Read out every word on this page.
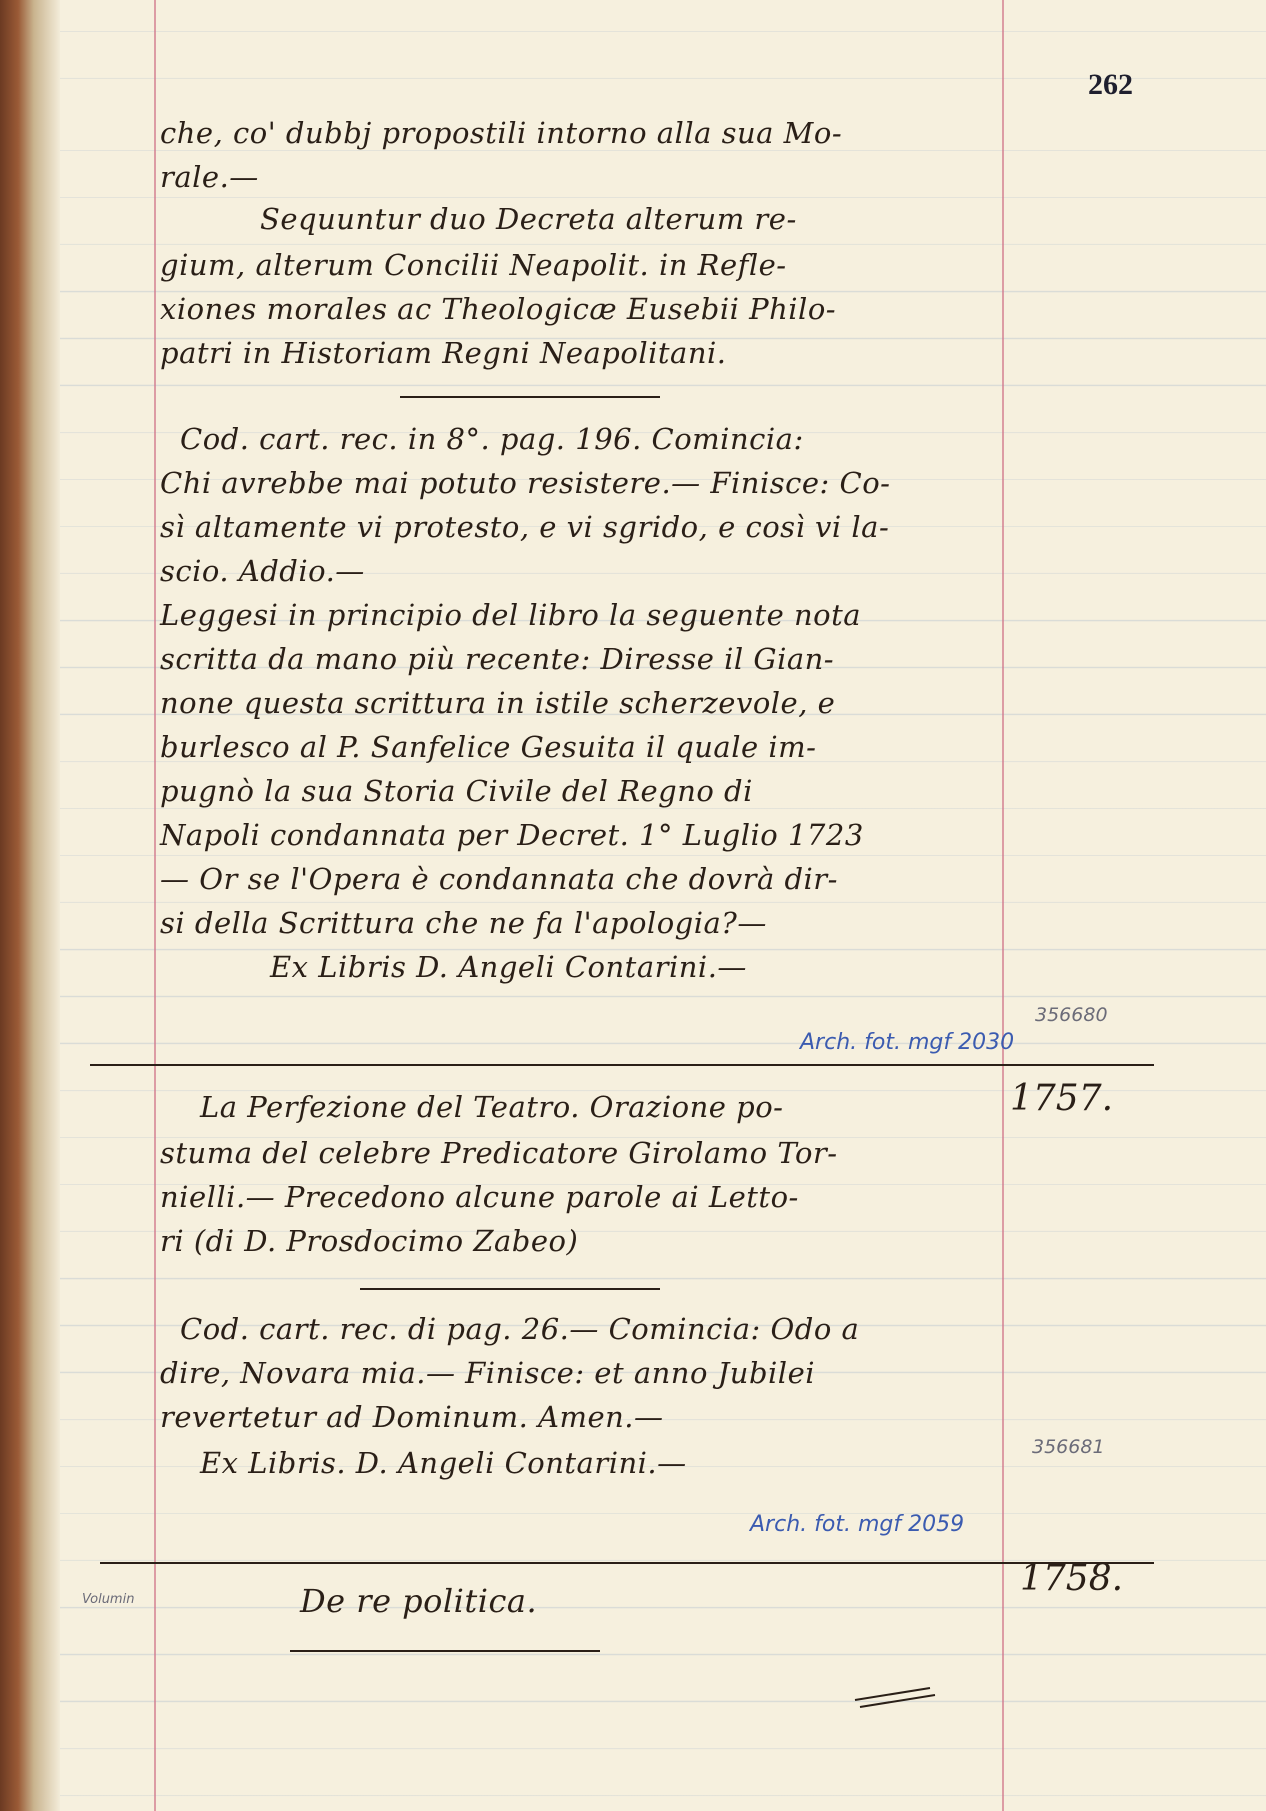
262
che, co' dubbj propostili intorno alla sua Mo-
rale.—
Sequuntur duo Decreta alterum re-
gium, alterum Concilii Neapolit. in Refle-
xiones morales ac Theologicæ Eusebii Philo-
patri in Historiam Regni Neapolitani.
Cod. cart. rec. in 8°. pag. 196. Comincia:
Chi avrebbe mai potuto resistere.— Finisce: Co-
sì altamente vi protesto, e vi sgrido, e così vi la-
scio. Addio.—
Leggesi in principio del libro la seguente nota
scritta da mano più recente: Diresse il Gian-
none questa scrittura in istile scherzevole, e
burlesco al P. Sanfelice Gesuita il quale im-
pugnò la sua Storia Civile del Regno di
Napoli condannata per Decret. 1° Luglio 1723
— Or se l'Opera è condannata che dovrà dir-
si della Scrittura che ne fa l'apologia?—
Ex Libris D. Angeli Contarini.—
356680
Arch. fot. mgf 2030
1757.
La Perfezione del Teatro. Orazione po-
stuma del celebre Predicatore Girolamo Tor-
nielli.— Precedono alcune parole ai Letto-
ri (di D. Prosdocimo Zabeo)
Cod. cart. rec. di pag. 26.— Comincia: Odo a
dire, Novara mia.— Finisce: et anno Jubilei
revertetur ad Dominum. Amen.—
Ex Libris. D. Angeli Contarini.—	356681
Arch. fot. mgf 2059
1758.
De re politica.
Volumin
